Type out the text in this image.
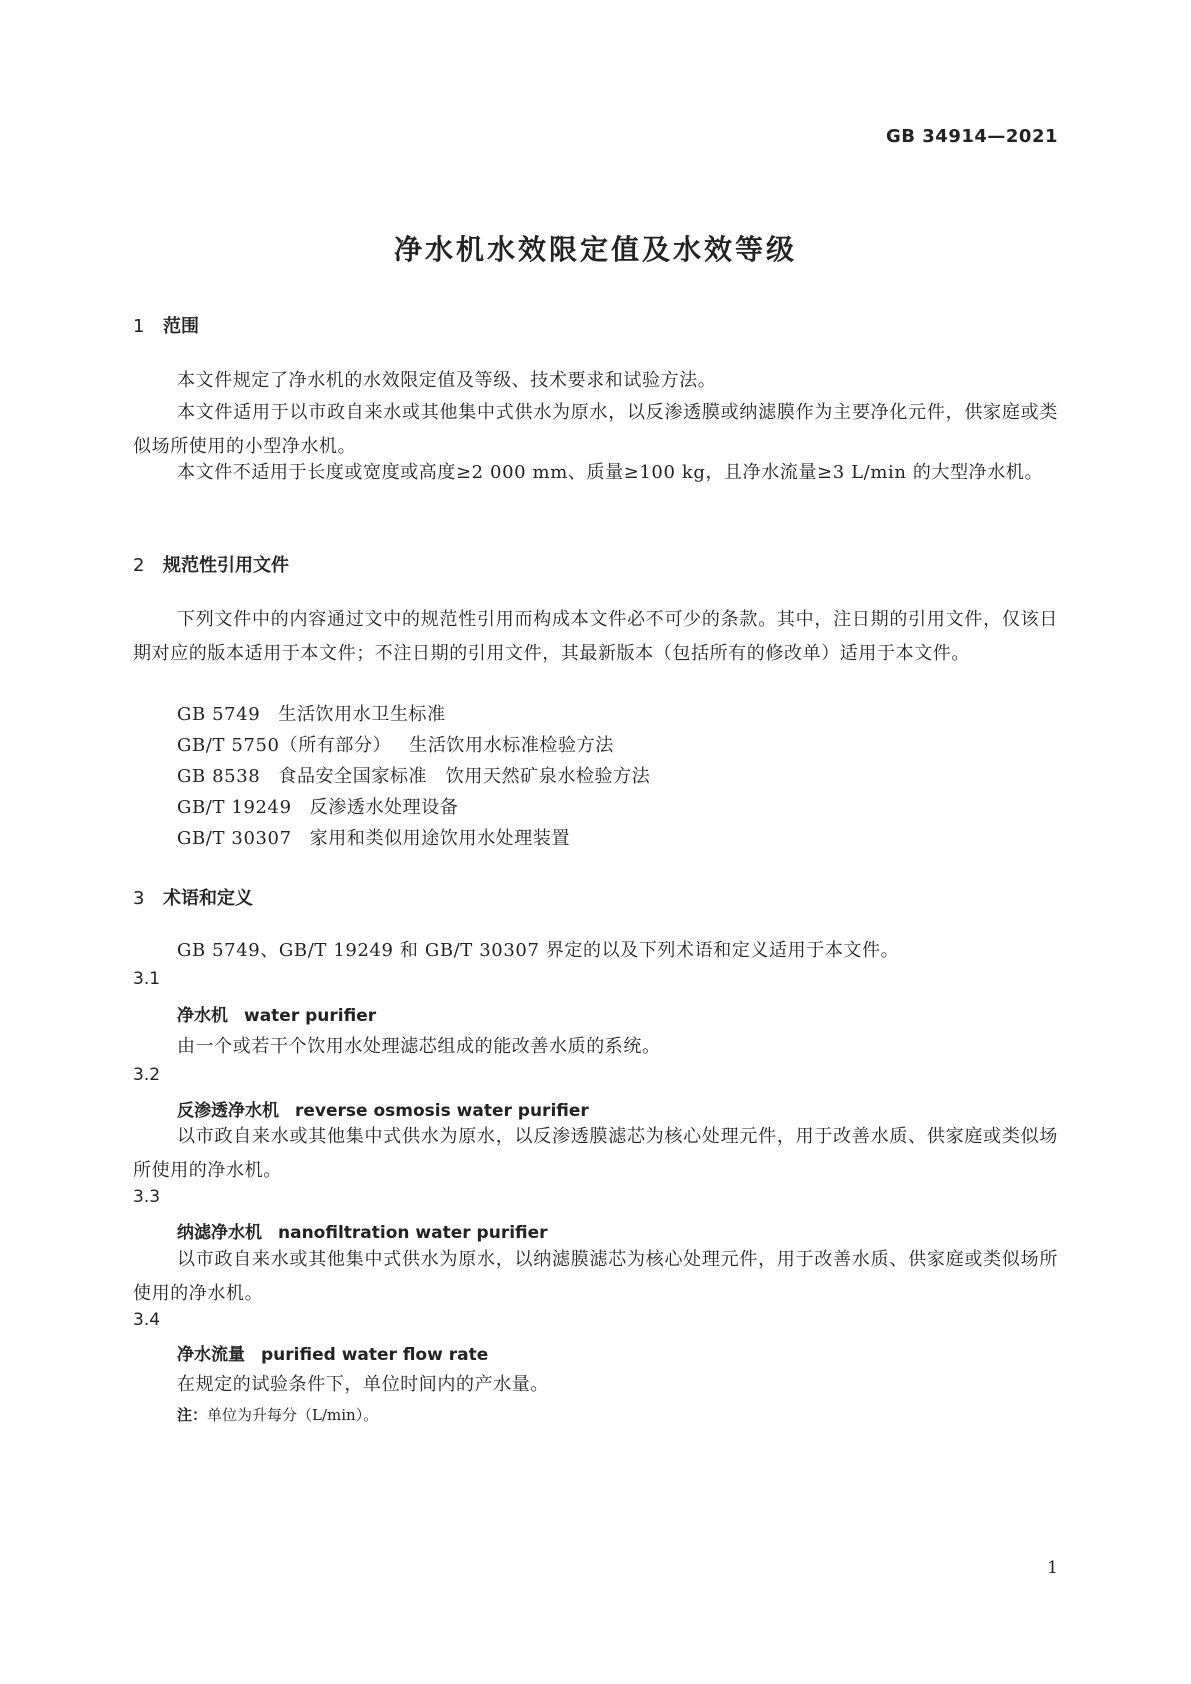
GB 34914—2021
净水机水效限定值及水效等级
1 范围
本文件规定了净水机的水效限定值及等级、技术要求和试验方法。
本文件适用于以市政自来水或其他集中式供水为原水，以反渗透膜或纳滤膜作为主要净化元件，供家庭或类似场所使用的小型净水机。
本文件不适用于长度或宽度或高度≥2 000 mm、质量≥100 kg，且净水流量≥3 L/min 的大型净水机。
2 规范性引用文件
下列文件中的内容通过文中的规范性引用而构成本文件必不可少的条款。其中，注日期的引用文件，仅该日期对应的版本适用于本文件；不注日期的引用文件，其最新版本（包括所有的修改单）适用于本文件。
GB 5749 生活饮用水卫生标准
GB/T 5750（所有部分） 生活饮用水标准检验方法
GB 8538 食品安全国家标准　饮用天然矿泉水检验方法
GB/T 19249 反渗透水处理设备
GB/T 30307 家用和类似用途饮用水处理装置
3 术语和定义
GB 5749、GB/T 19249 和 GB/T 30307 界定的以及下列术语和定义适用于本文件。
3.1
净水机 water purifier
由一个或若干个饮用水处理滤芯组成的能改善水质的系统。
3.2
反渗透净水机 reverse osmosis water purifier
以市政自来水或其他集中式供水为原水，以反渗透膜滤芯为核心处理元件，用于改善水质、供家庭或类似场所使用的净水机。
3.3
纳滤净水机 nanofiltration water purifier
以市政自来水或其他集中式供水为原水，以纳滤膜滤芯为核心处理元件，用于改善水质、供家庭或类似场所使用的净水机。
3.4
净水流量 purified water flow rate
在规定的试验条件下，单位时间内的产水量。
注：单位为升每分（L/min）。
1
